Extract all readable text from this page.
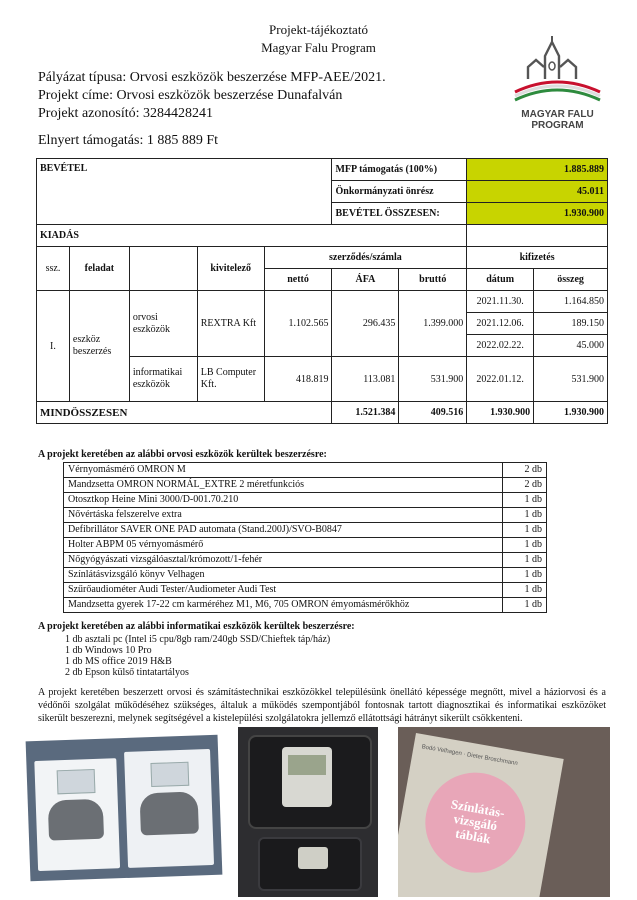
Projekt-tájékoztató
Magyar Falu Program
MAGYAR FALU
PROGRAM
Pályázat típusa: Orvosi eszközök beszerzése MFP-AEE/2021.
Projekt címe: Orvosi eszközök beszerzése Dunafalván
Projekt azonosító: 3284428241
Elnyert támogatás: 1 885 889 Ft
BEVÉTEL					MFP támogatás (100%)		1.885.889	
					Önkormányzati önrész		45.011	
					BEVÉTEL ÖSSZESEN:		1.930.900	
KIADÁS								
ssz.	feladat		kivitelező	szerződés/számla			kifizetés	
				nettó	ÁFA	bruttó	dátum	összeg
I.	eszköz beszerzés	orvosi eszközök	REXTRA Kft	1.102.565	296.435	1.399.000	2021.11.30.	1.164.850
							2021.12.06.	189.150
							2022.02.22.	45.000
		informatikai eszközök	LB Computer Kft.	418.819	113.081	531.900	2022.01.12.	531.900
MINDÖSSZESEN					1.521.384	409.516	1.930.900	1.930.900
A projekt keretében az alábbi orvosi eszközök kerültek beszerzésre:
Vérnyomásmérő OMRON M	2 db
Mandzsetta OMRON NORMÁL_EXTRE 2 méretfunkciós	2 db
Otosztkop Heine Mini 3000/D-001.70.210	1 db
Nővértáska felszerelve extra	1 db
Defibrillátor SAVER ONE PAD automata (Stand.200J)/SVO-B0847	1 db
Holter ABPM 05 vérnyomásmérő	1 db
Nőgyógyászati vizsgálóasztal/krómozott/1-fehér	1 db
Színlátásvizsgáló könyv Velhagen	1 db
Szűrőaudiométer Audi Tester/Audiometer Audi Test	1 db
Mandzsetta gyerek 17-22 cm karméréhez M1, M6, 705 OMRON émyomásmérőkhöz	1 db
A projekt keretében az alábbi informatikai eszközök kerültek beszerzésre:
1 db asztali pc (Intel i5 cpu/8gb ram/240gb SSD/Chieftek táp/ház)
1 db Windows 10 Pro
1 db MS office 2019 H&B
2 db Epson külső tintatartályos
A projekt keretében beszerzett orvosi és számítástechnikai eszközökkel településünk önellátó képessége megnőtt, mivel a háziorvosi és a védőnői szolgálat működéséhez szükséges, általuk a működés szempontjából fontosnak tartott diagnosztikai és informatikai eszközöket sikerült beszerezni, melynek segítségével a kistelepülési szolgálatokra jellemző ellátottsági hátrányt sikerült csökkenteni.
Bodó Velhagen · Dieter Broschmann
Színlátás-vizsgáló táblák
